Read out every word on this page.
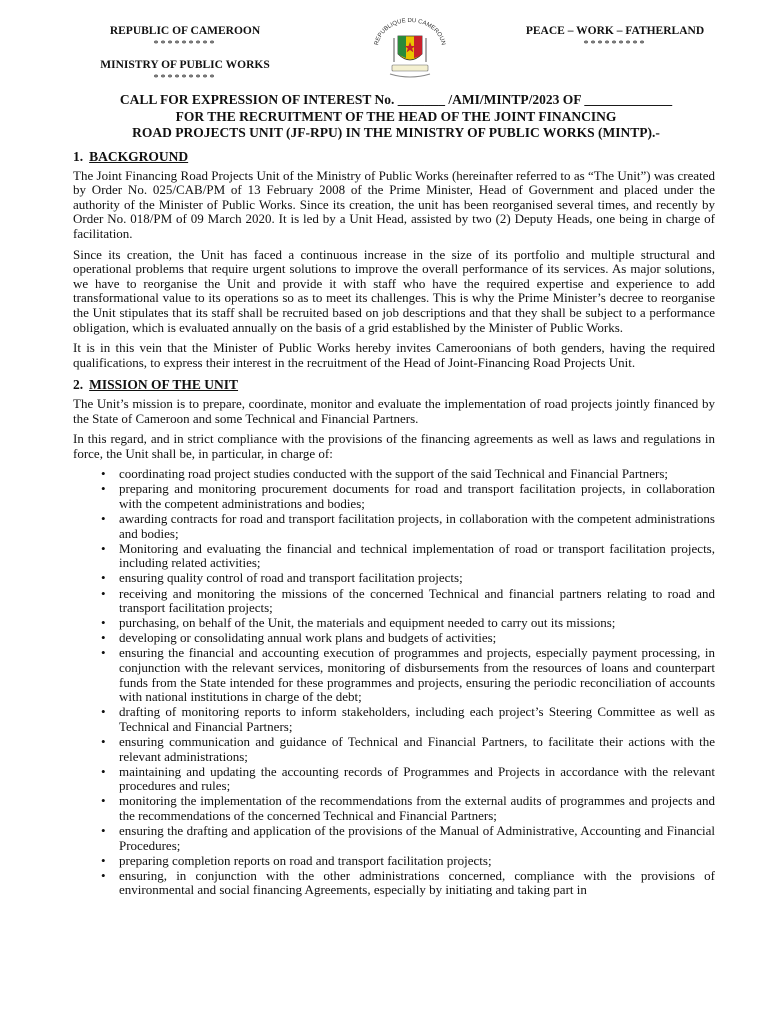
REPUBLIC OF CAMEROON
*********
MINISTRY OF PUBLIC WORKS
*********
REPUBLIQUE DU CAMEROUN
PEACE – WORK – FATHERLAND
*********
CALL FOR EXPRESSION OF INTEREST No. _______ /AMI/MINTP/2023 OF _____________
FOR THE RECRUITMENT OF THE HEAD OF THE JOINT FINANCING
ROAD PROJECTS UNIT (JF-RPU) IN THE MINISTRY OF PUBLIC WORKS (MINTP).-
1. BACKGROUND

The Joint Financing Road Projects Unit of the Ministry of Public Works (hereinafter referred to as “The Unit”) was created by Order No. 025/CAB/PM of 13 February 2008 of the Prime Minister, Head of Government and placed under the authority of the Minister of Public Works. Since its creation, the unit has been reorganised several times, and recently by Order No. 018/PM of 09 March 2020. It is led by a Unit Head, assisted by two (2) Deputy Heads, one being in charge of facilitation.

Since its creation, the Unit has faced a continuous increase in the size of its portfolio and multiple structural and operational problems that require urgent solutions to improve the overall performance of its services. As major solutions, we have to reorganise the Unit and provide it with staff who have the required expertise and experience to add transformational value to its operations so as to meet its challenges. This is why the Prime Minister’s decree to reorganise the Unit stipulates that its staff shall be recruited based on job descriptions and that they shall be subject to a performance obligation, which is evaluated annually on the basis of a grid established by the Minister of Public Works.

It is in this vein that the Minister of Public Works hereby invites Cameroonians of both genders, having the required qualifications, to express their interest in the recruitment of the Head of Joint-Financing Road Projects Unit.

2. MISSION OF THE UNIT

The Unit’s mission is to prepare, coordinate, monitor and evaluate the implementation of road projects jointly financed by the State of Cameroon and some Technical and Financial Partners.

In this regard, and in strict compliance with the provisions of the financing agreements as well as laws and regulations in force, the Unit shall be, in particular, in charge of:

• coordinating road project studies conducted with the support of the said Technical and Financial Partners;
• preparing and monitoring procurement documents for road and transport facilitation projects, in collaboration with the competent administrations and bodies;
• awarding contracts for road and transport facilitation projects, in collaboration with the competent administrations and bodies;
• Monitoring and evaluating the financial and technical implementation of road or transport facilitation projects, including related activities;
• ensuring quality control of road and transport facilitation projects;
• receiving and monitoring the missions of the concerned Technical and financial partners relating to road and transport facilitation projects;
• purchasing, on behalf of the Unit, the materials and equipment needed to carry out its missions;
• developing or consolidating annual work plans and budgets of activities;
• ensuring the financial and accounting execution of programmes and projects, especially payment processing, in conjunction with the relevant services, monitoring of disbursements from the resources of loans and counterpart funds from the State intended for these programmes and projects, ensuring the periodic reconciliation of accounts with national institutions in charge of the debt;
• drafting of monitoring reports to inform stakeholders, including each project’s Steering Committee as well as Technical and Financial Partners;
• ensuring communication and guidance of Technical and Financial Partners, to facilitate their actions with the relevant administrations;
• maintaining and updating the accounting records of Programmes and Projects in accordance with the relevant procedures and rules;
• monitoring the implementation of the recommendations from the external audits of programmes and projects and the recommendations of the concerned Technical and Financial Partners;
• ensuring the drafting and application of the provisions of the Manual of Administrative, Accounting and Financial Procedures;
• preparing completion reports on road and transport facilitation projects;
• ensuring, in conjunction with the other administrations concerned, compliance with the provisions of environmental and social financing Agreements, especially by initiating and taking part in
